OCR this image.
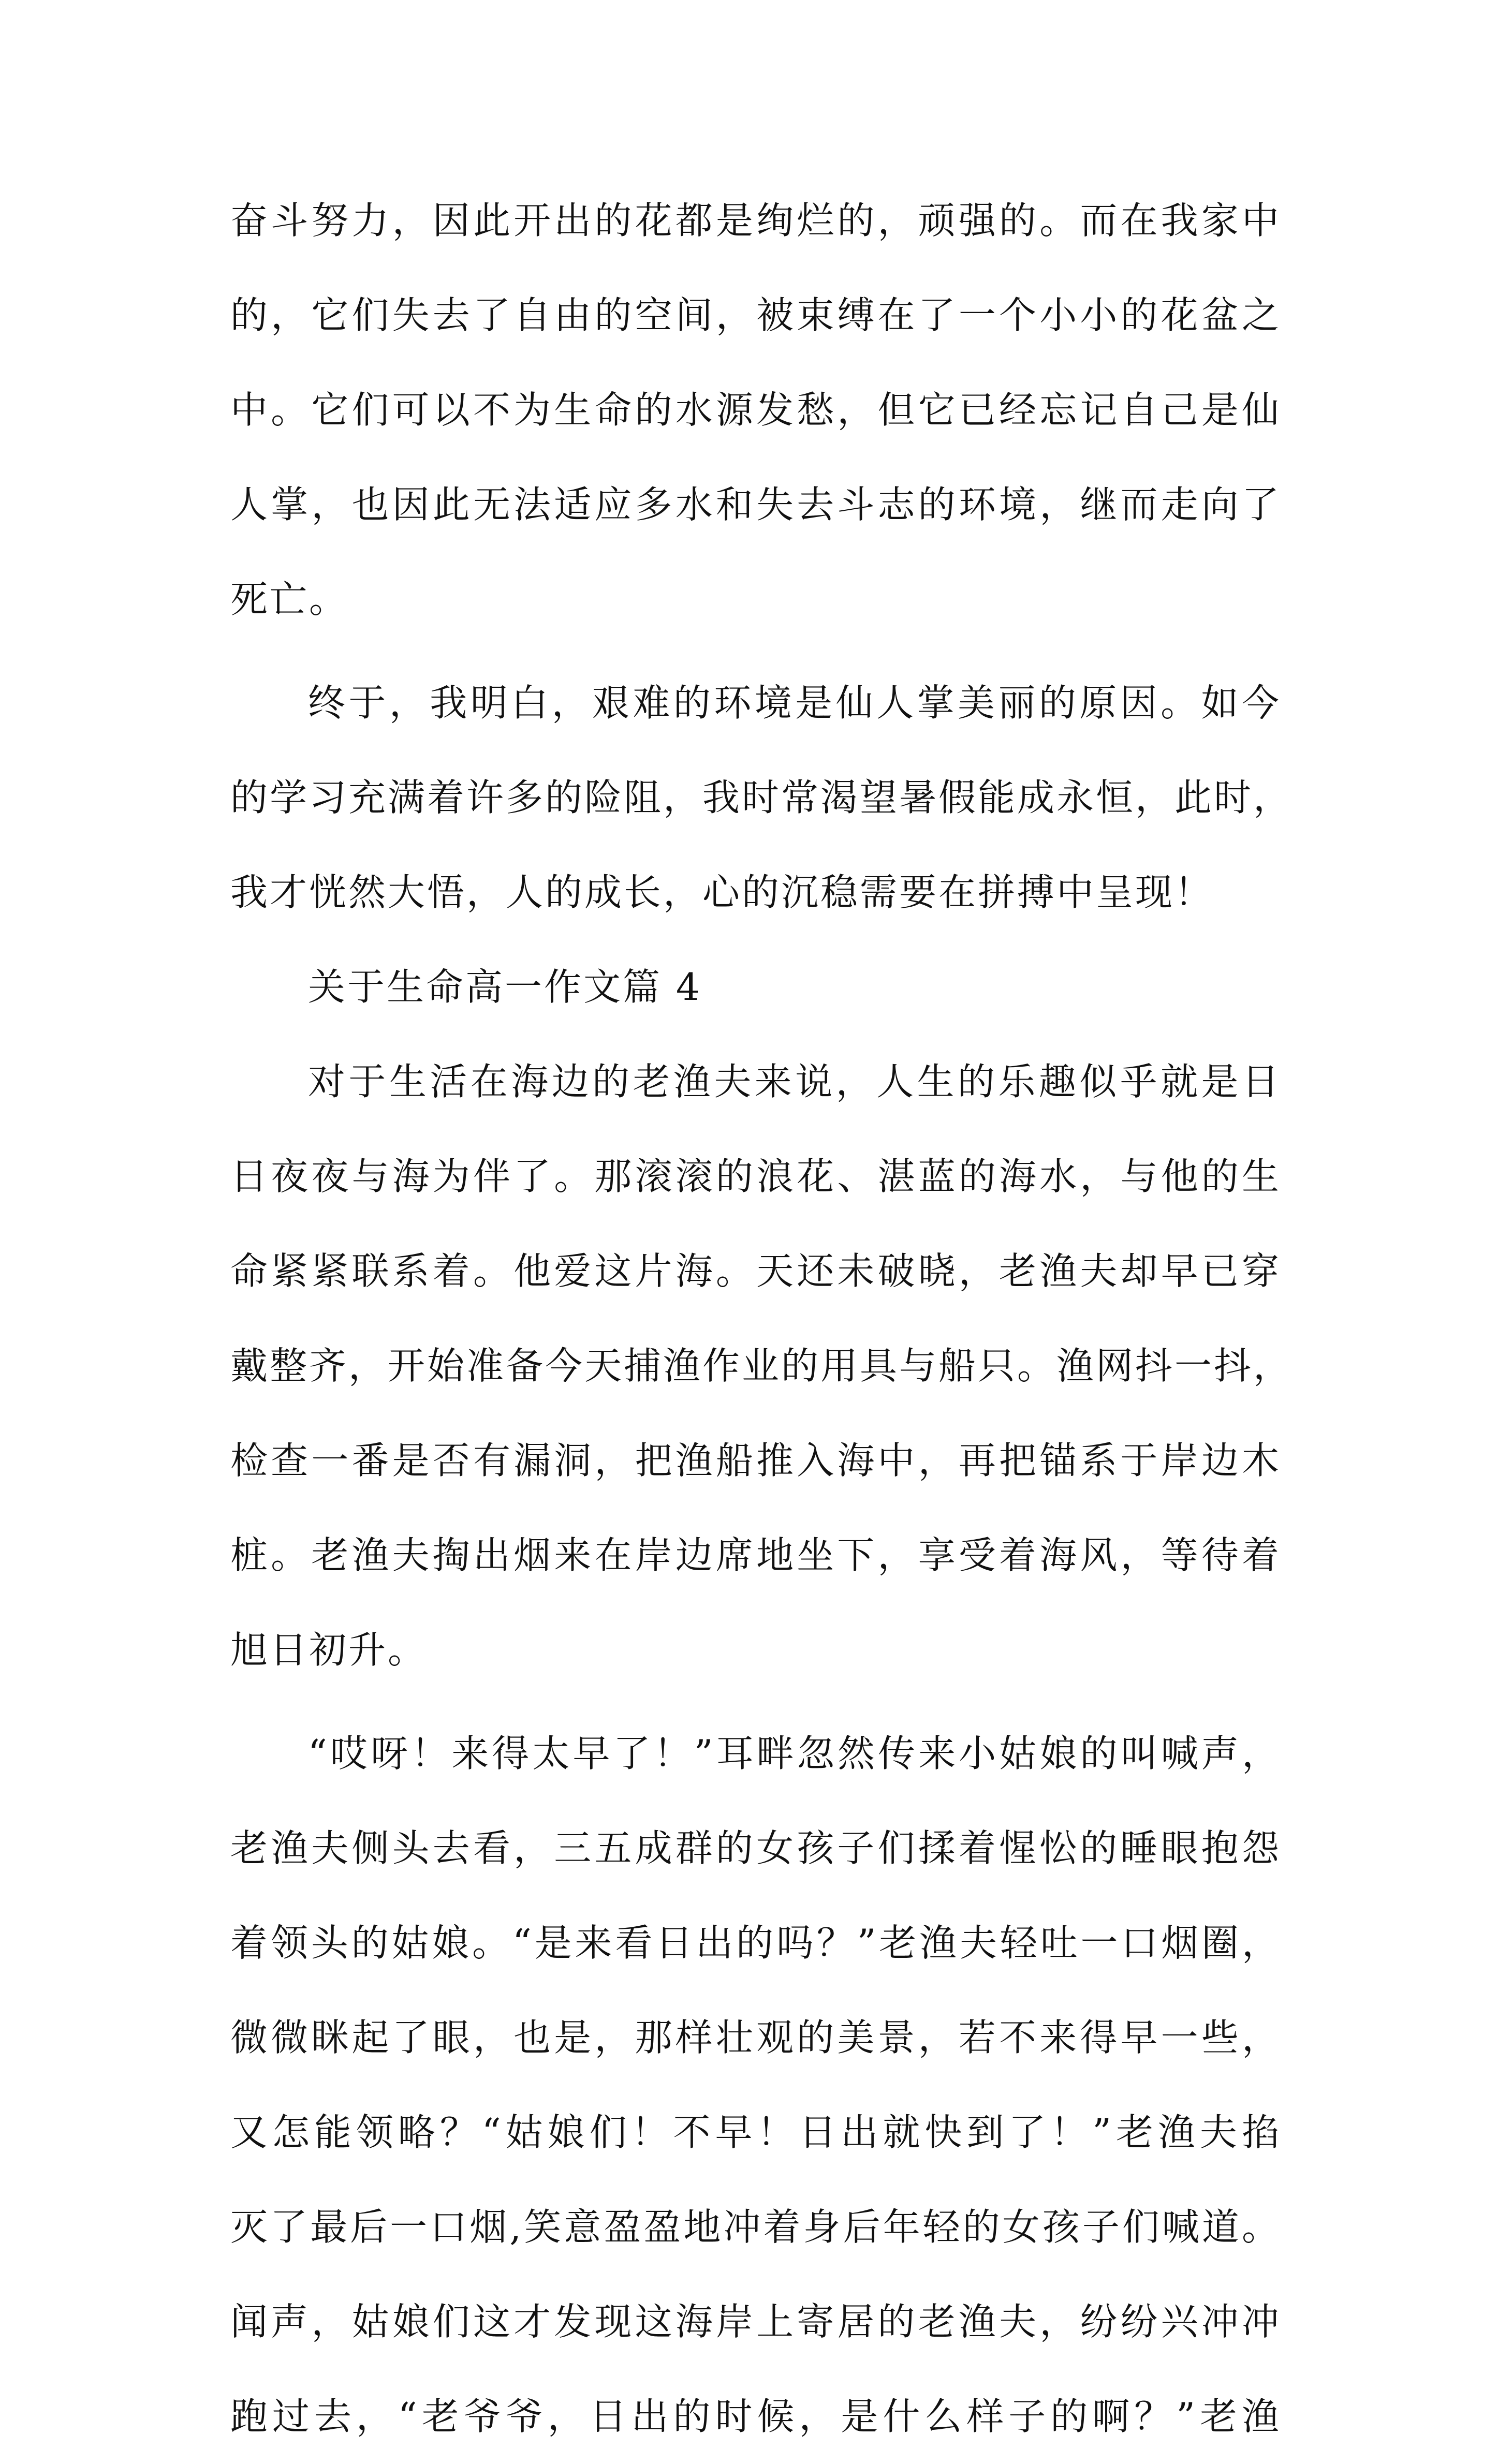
奋斗努力，因此开出的花都是绚烂的，顽强的。而在我家中
的，它们失去了自由的空间，被束缚在了一个小小的花盆之
中。它们可以不为生命的水源发愁，但它已经忘记自己是仙
人掌，也因此无法适应多水和失去斗志的环境，继而走向了
死亡。
终于，我明白，艰难的环境是仙人掌美丽的原因。如今
的学习充满着许多的险阻，我时常渴望暑假能成永恒，此时，
我才恍然大悟，人的成长，心的沉稳需要在拼搏中呈现！
关于生命高一作文篇 4
对于生活在海边的老渔夫来说，人生的乐趣似乎就是日
日夜夜与海为伴了。那滚滚的浪花、湛蓝的海水，与他的生
命紧紧联系着。他爱这片海。天还未破晓，老渔夫却早已穿
戴整齐，开始准备今天捕渔作业的用具与船只。渔网抖一抖，
检查一番是否有漏洞，把渔船推入海中，再把锚系于岸边木
桩。老渔夫掏出烟来在岸边席地坐下，享受着海风，等待着
旭日初升。
“哎呀！来得太早了！”耳畔忽然传来小姑娘的叫喊声，
老渔夫侧头去看，三五成群的女孩子们揉着惺忪的睡眼抱怨
着领头的姑娘。“是来看日出的吗？”老渔夫轻吐一口烟圈，
微微眯起了眼，也是，那样壮观的美景，若不来得早一些，
又怎能领略？“姑娘们！不早！日出就快到了！”老渔夫掐
灭了最后一口烟,笑意盈盈地冲着身后年轻的女孩子们喊道。
闻声，姑娘们这才发现这海岸上寄居的老渔夫，纷纷兴冲冲
跑过去，“老爷爷，日出的时候，是什么样子的啊？”老渔
